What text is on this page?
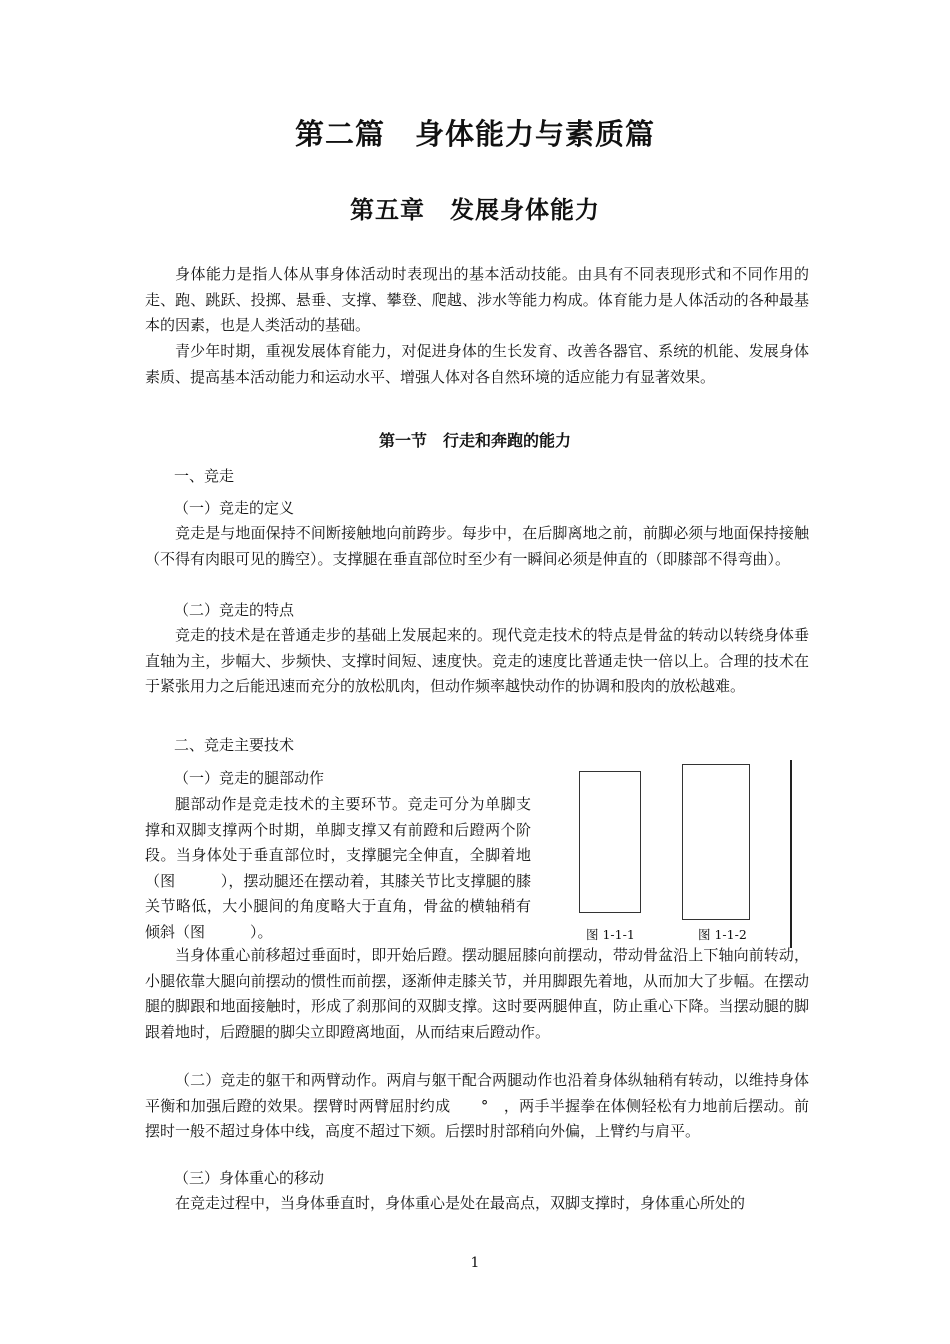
第二篇　身体能力与素质篇
第五章　发展身体能力
身体能力是指人体从事身体活动时表现出的基本活动技能。由具有不同表现形式和不同作用的走、跑、跳跃、投掷、悬垂、支撑、攀登、爬越、涉水等能力构成。体育能力是人体活动的各种最基本的因素，也是人类活动的基础。
青少年时期，重视发展体育能力，对促进身体的生长发育、改善各器官、系统的机能、发展身体素质、提高基本活动能力和运动水平、增强人体对各自然环境的适应能力有显著效果。
第一节　行走和奔跑的能力
一、竞走
（一）竞走的定义
竞走是与地面保持不间断接触地向前跨步。每步中，在后脚离地之前，前脚必须与地面保持接触（不得有肉眼可见的腾空）。支撑腿在垂直部位时至少有一瞬间必须是伸直的（即膝部不得弯曲）。
（二）竞走的特点
竞走的技术是在普通走步的基础上发展起来的。现代竞走技术的特点是骨盆的转动以转绕身体垂直轴为主，步幅大、步频快、支撑时间短、速度快。竞走的速度比普通走快一倍以上。合理的技术在于紧张用力之后能迅速而充分的放松肌肉，但动作频率越快动作的协调和股肉的放松越难。
二、竞走主要技术
（一）竞走的腿部动作
腿部动作是竞走技术的主要环节。竞走可分为单脚支撑和双脚支撑两个时期，单脚支撑又有前蹬和后蹬两个阶段。当身体处于垂直部位时，支撑腿完全伸直，全脚着地（图　　　），摆动腿还在摆动着，其膝关节比支撑腿的膝关节略低，大小腿间的角度略大于直角，骨盆的横轴稍有倾斜（图　　　）。	图 1-1-1	图 1-1-2
当身体重心前移超过垂面时，即开始后蹬。摆动腿屈膝向前摆动，带动骨盆沿上下轴向前转动，小腿依靠大腿向前摆动的惯性而前摆，逐渐伸走膝关节，并用脚跟先着地，从而加大了步幅。在摆动腿的脚跟和地面接触时，形成了刹那间的双脚支撑。这时要两腿伸直，防止重心下降。当摆动腿的脚跟着地时，后蹬腿的脚尖立即蹬离地面，从而结束后蹬动作。
（二）竞走的躯干和两臂动作。两肩与躯干配合两腿动作也沿着身体纵轴稍有转动，以维持身体平衡和加强后蹬的效果。摆臂时两臂屈肘约成　　°　，两手半握拳在体侧轻松有力地前后摆动。前摆时一般不超过身体中线，高度不超过下颏。后摆时肘部稍向外偏，上臂约与肩平。
（三）身体重心的移动
在竞走过程中，当身体垂直时，身体重心是处在最高点，双脚支撑时，身体重心所处的
1
